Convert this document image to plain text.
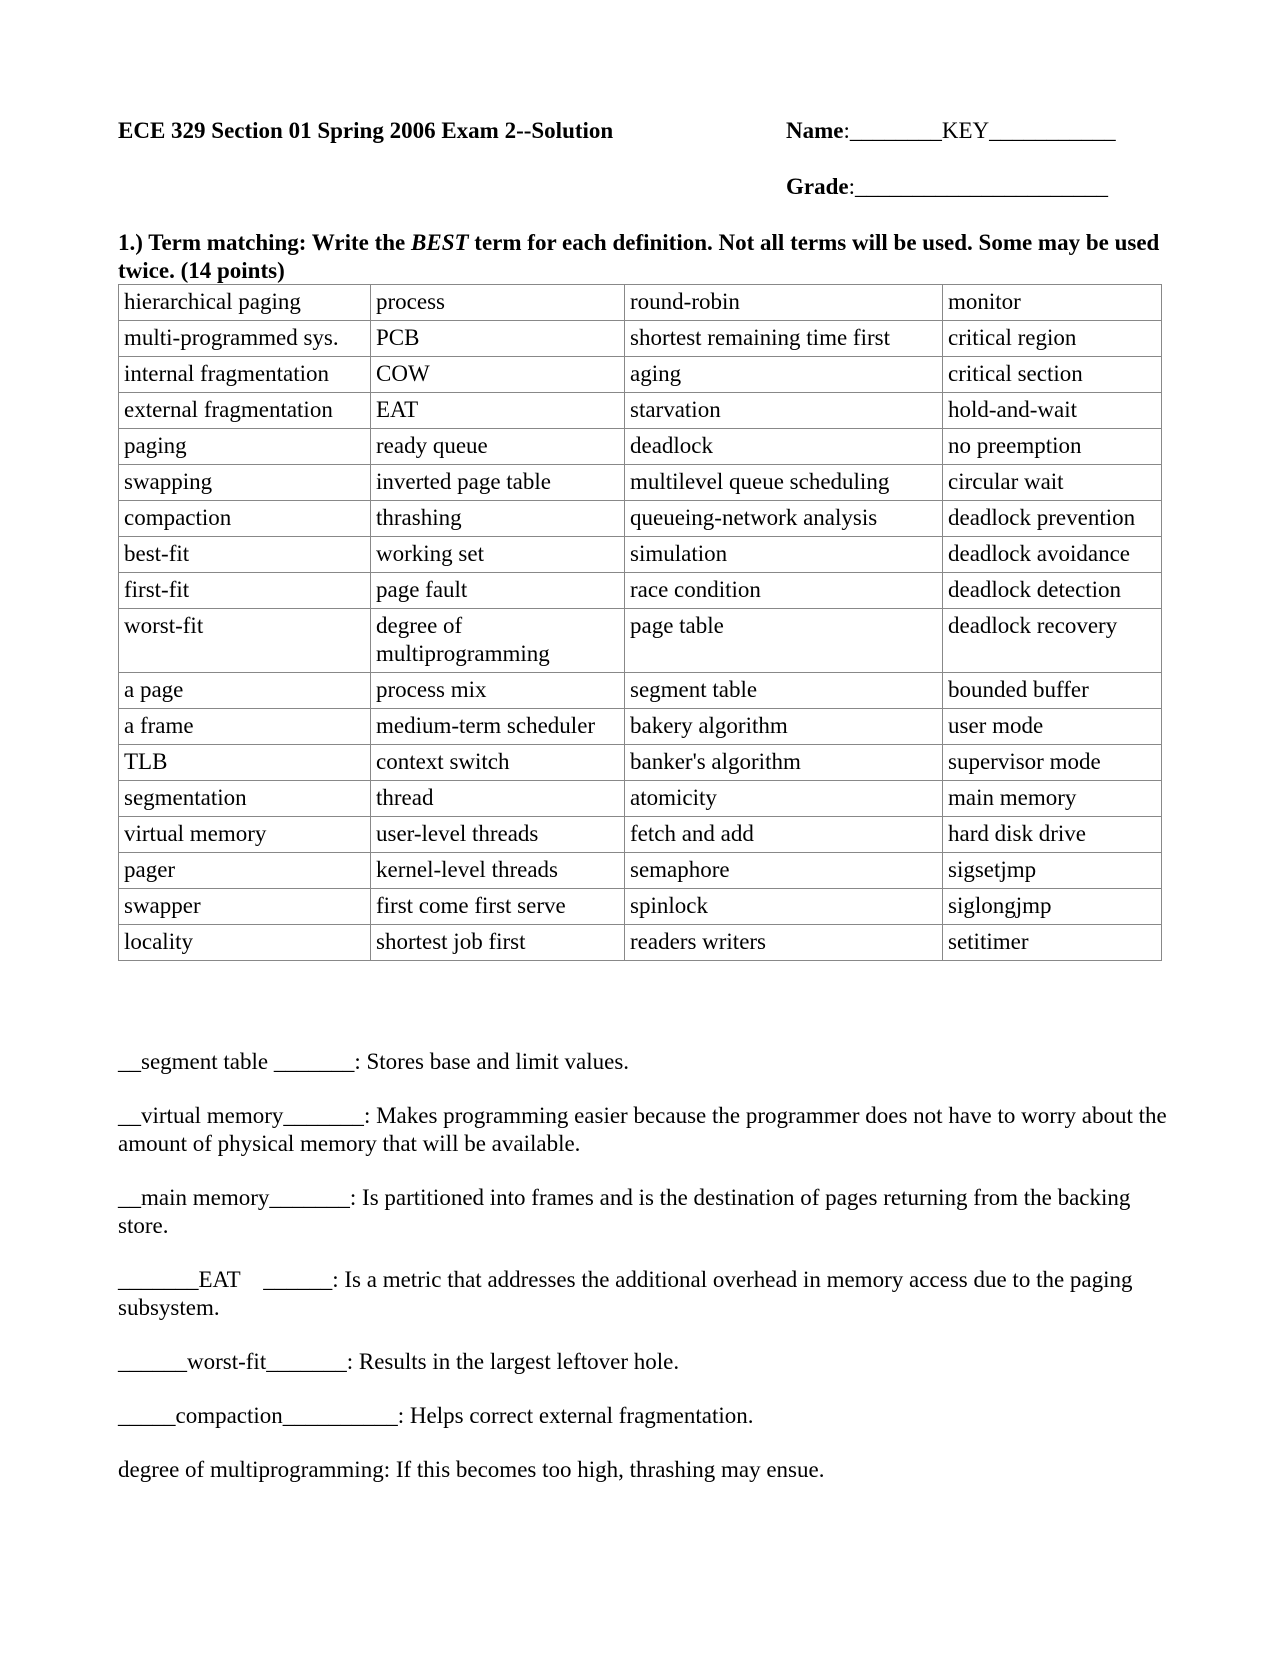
ECE 329 Section 01 Spring 2006 Exam 2--Solution	Name:________KEY___________
Grade:______________________
1.) Term matching: Write the BEST term for each definition. Not all terms will be used. Some may be used twice. (14 points)
hierarchical paging	process	round-robin	monitor
multi-programmed sys.	PCB	shortest remaining time first	critical region
internal fragmentation	COW	aging	critical section
external fragmentation	EAT	starvation	hold-and-wait
paging	ready queue	deadlock	no preemption
swapping	inverted page table	multilevel queue scheduling	circular wait
compaction	thrashing	queueing-network analysis	deadlock prevention
best-fit	working set	simulation	deadlock avoidance
first-fit	page fault	race condition	deadlock detection
worst-fit	degree of multiprogramming	page table	deadlock recovery
a page	process mix	segment table	bounded buffer
a frame	medium-term scheduler	bakery algorithm	user mode
TLB	context switch	banker's algorithm	supervisor mode
segmentation	thread	atomicity	main memory
virtual memory	user-level threads	fetch and add	hard disk drive
pager	kernel-level threads	semaphore	sigsetjmp
swapper	first come first serve	spinlock	siglongjmp
locality	shortest job first	readers writers	setitimer
__segment table _______: Stores base and limit values.
__virtual memory_______: Makes programming easier because the programmer does not have to worry about the amount of physical memory that will be available.
__main memory_______: Is partitioned into frames and is the destination of pages returning from the backing store.
_______EAT    ______: Is a metric that addresses the additional overhead in memory access due to the paging subsystem.
______worst-fit_______: Results in the largest leftover hole.
_____compaction__________: Helps correct external fragmentation.
degree of multiprogramming: If this becomes too high, thrashing may ensue.
